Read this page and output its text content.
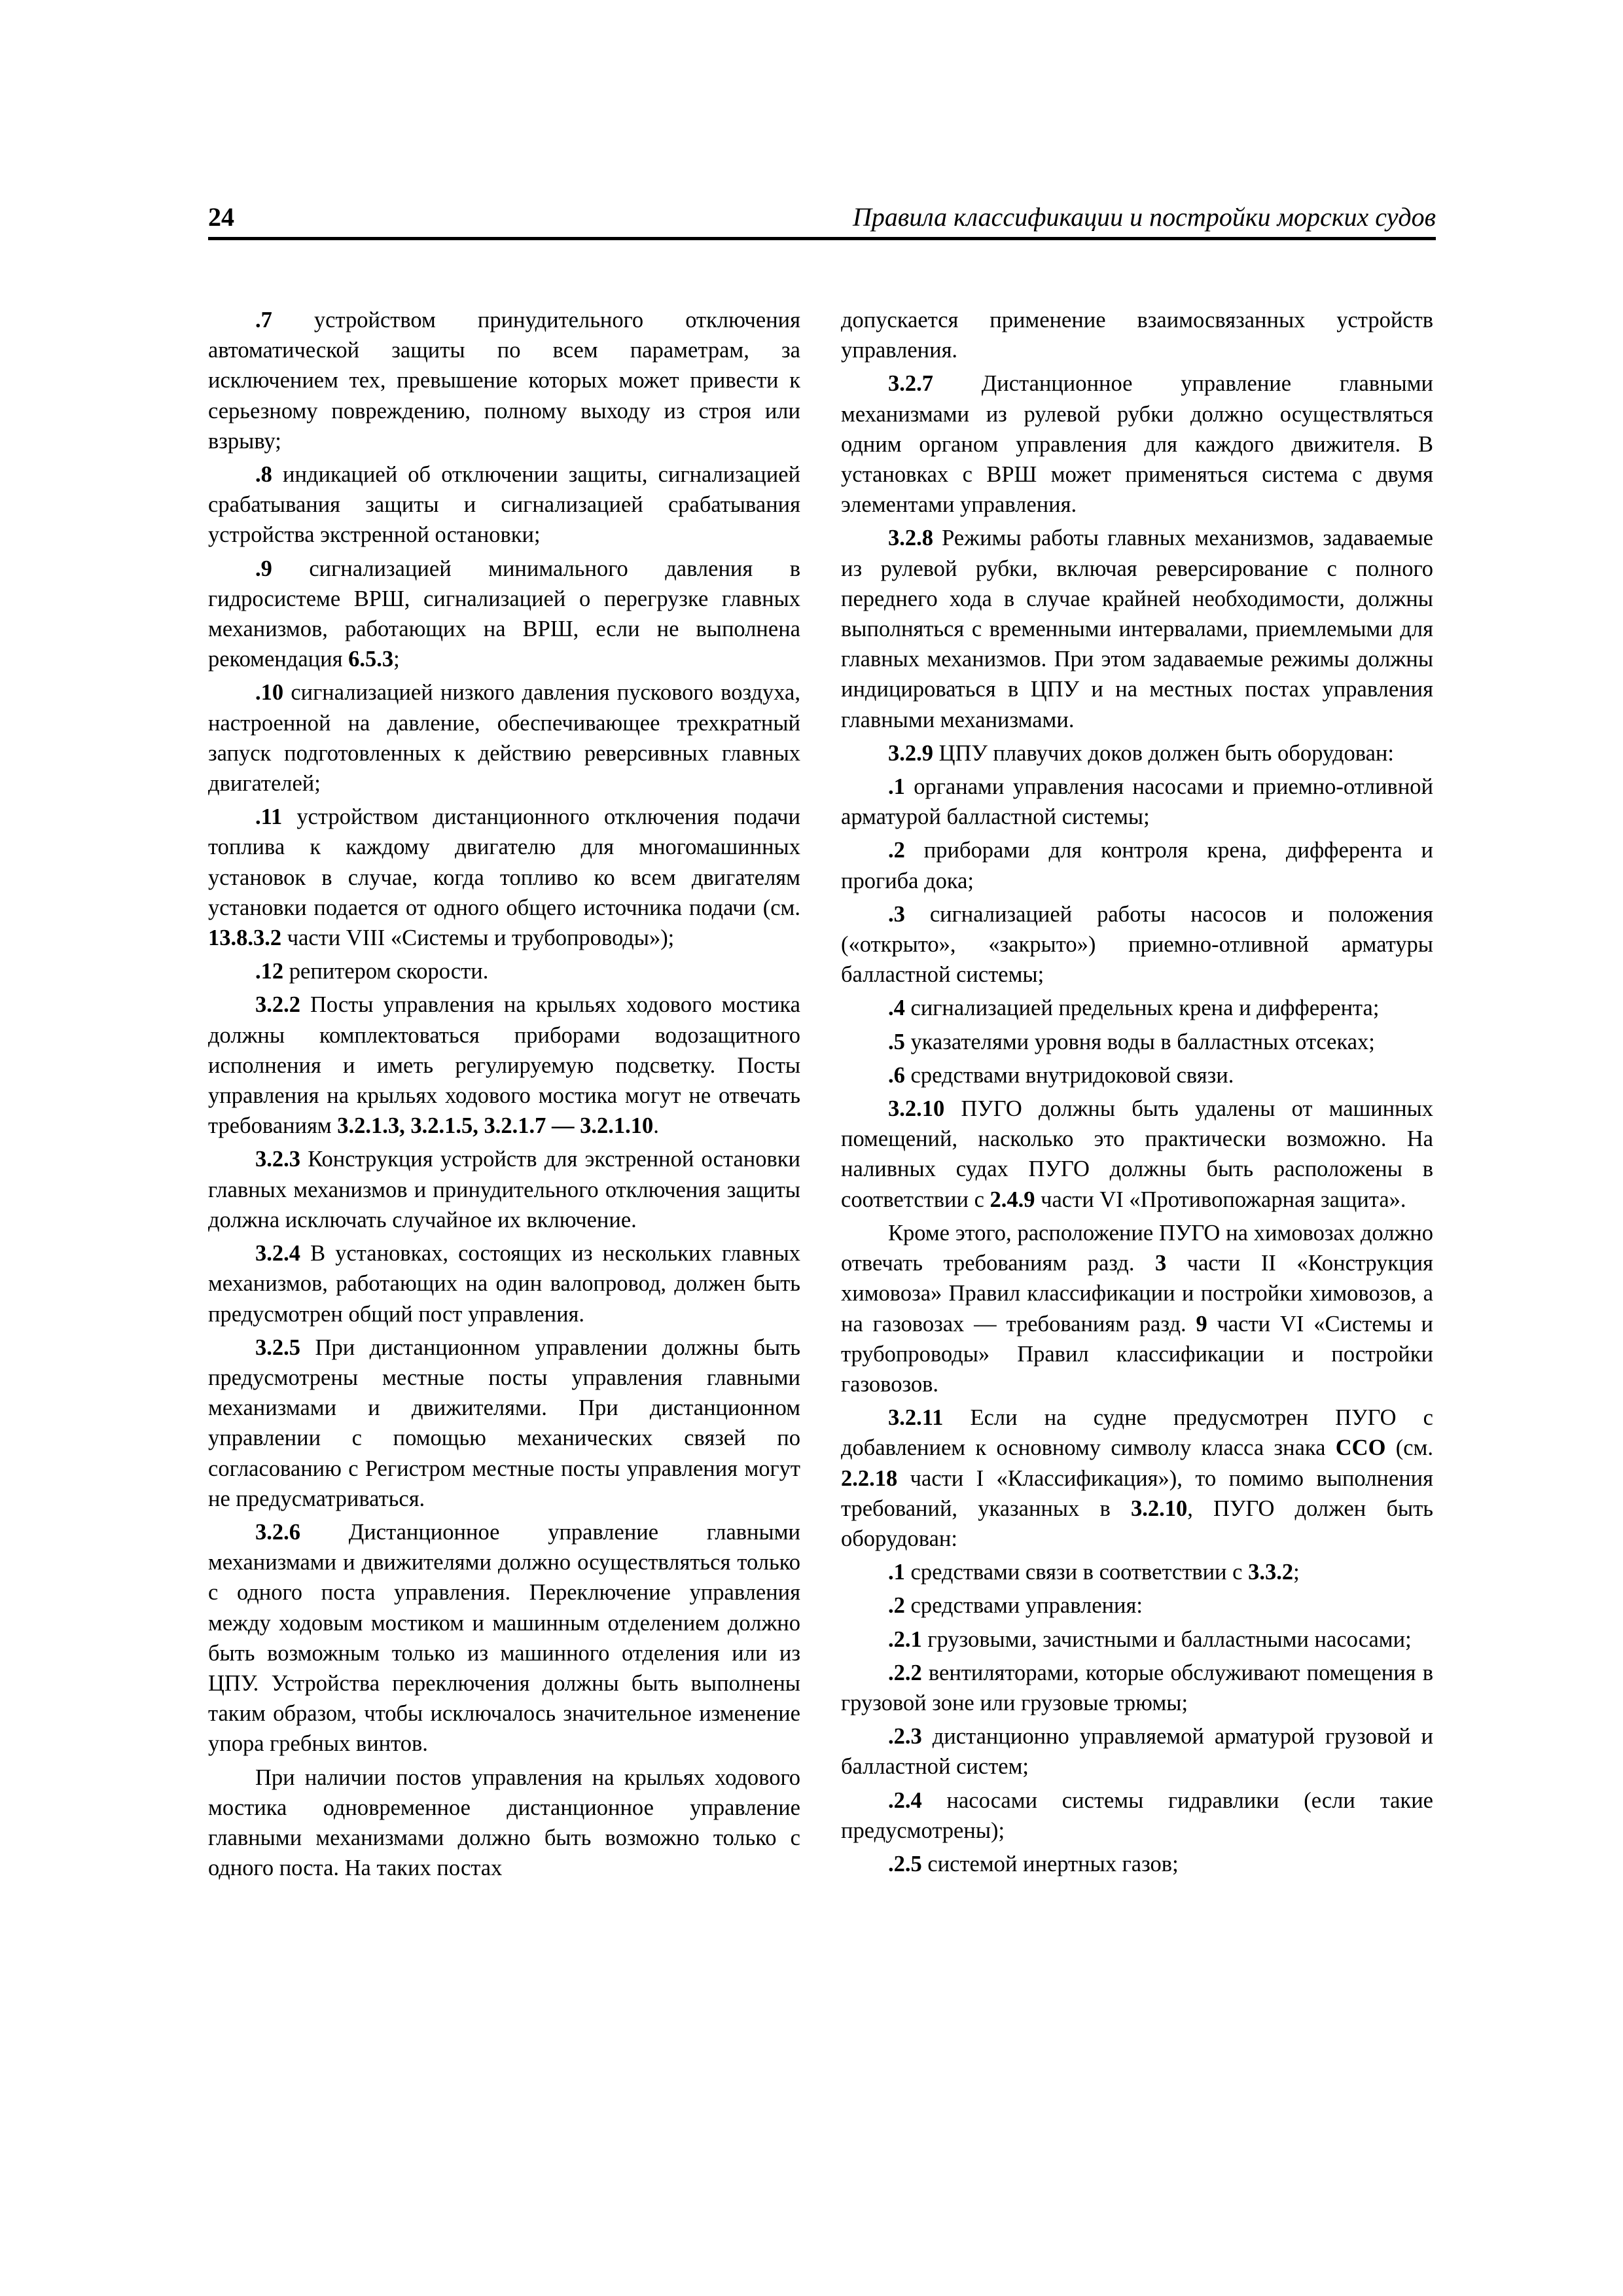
24	Правила классификации и постройки морских судов

.7 устройством принудительного отключения автоматической защиты по всем параметрам, за исключением тех, превышение которых может привести к серьезному повреждению, полному выходу из строя или взрыву;

.8 индикацией об отключении защиты, сигнализацией срабатывания защиты и сигнализацией срабатывания устройства экстренной остановки;

.9 сигнализацией минимального давления в гидросистеме ВРШ, сигнализацией о перегрузке главных механизмов, работающих на ВРШ, если не выполнена рекомендация 6.5.3;

.10 сигнализацией низкого давления пускового воздуха, настроенной на давление, обеспечивающее трехкратный запуск подготовленных к действию реверсивных главных двигателей;

.11 устройством дистанционного отключения подачи топлива к каждому двигателю для многомашинных установок в случае, когда топливо ко всем двигателям установки подается от одного общего источника подачи (см. 13.8.3.2 части VIII «Системы и трубопроводы»);

.12 репитером скорости.

3.2.2 Посты управления на крыльях ходового мостика должны комплектоваться приборами водозащитного исполнения и иметь регулируемую подсветку. Посты управления на крыльях ходового мостика могут не отвечать требованиям 3.2.1.3, 3.2.1.5, 3.2.1.7 — 3.2.1.10.

3.2.3 Конструкция устройств для экстренной остановки главных механизмов и принудительного отключения защиты должна исключать случайное их включение.

3.2.4 В установках, состоящих из нескольких главных механизмов, работающих на один валопровод, должен быть предусмотрен общий пост управления.

3.2.5 При дистанционном управлении должны быть предусмотрены местные посты управления главными механизмами и движителями. При дистанционном управлении с помощью механических связей по согласованию с Регистром местные посты управления могут не предусматриваться.

3.2.6 Дистанционное управление главными механизмами и движителями должно осуществляться только с одного поста управления. Переключение управления между ходовым мостиком и машинным отделением должно быть возможным только из машинного отделения или из ЦПУ. Устройства переключения должны быть выполнены таким образом, чтобы исключалось значительное изменение упора гребных винтов.

При наличии постов управления на крыльях ходового мостика одновременное дистанционное управление главными механизмами должно быть возможно только с одного поста. На таких постах

допускается применение взаимосвязанных устройств управления.

3.2.7 Дистанционное управление главными механизмами из рулевой рубки должно осуществляться одним органом управления для каждого движителя. В установках с ВРШ может применяться система с двумя элементами управления.

3.2.8 Режимы работы главных механизмов, задаваемые из рулевой рубки, включая реверсирование с полного переднего хода в случае крайней необходимости, должны выполняться с временными интервалами, приемлемыми для главных механизмов. При этом задаваемые режимы должны индицироваться в ЦПУ и на местных постах управления главными механизмами.

3.2.9 ЦПУ плавучих доков должен быть оборудован:

.1 органами управления насосами и приемно-отливной арматурой балластной системы;

.2 приборами для контроля крена, дифферента и прогиба дока;

.3 сигнализацией работы насосов и положения («открыто», «закрыто») приемно-отливной арматуры балластной системы;

.4 сигнализацией предельных крена и дифферента;

.5 указателями уровня воды в балластных отсеках;

.6 средствами внутридоковой связи.

3.2.10 ПУГО должны быть удалены от машинных помещений, насколько это практически возможно. На наливных судах ПУГО должны быть расположены в соответствии с 2.4.9 части VI «Противопожарная защита».

Кроме этого, расположение ПУГО на химовозах должно отвечать требованиям разд. 3 части II «Конструкция химовоза» Правил классификации и постройки химовозов, а на газовозах — требованиям разд. 9 части VI «Системы и трубопроводы» Правил классификации и постройки газовозов.

3.2.11 Если на судне предусмотрен ПУГО с добавлением к основному символу класса знака CCO (см. 2.2.18 части I «Классификация»), то помимо выполнения требований, указанных в 3.2.10, ПУГО должен быть оборудован:

.1 средствами связи в соответствии с 3.3.2;

.2 средствами управления:

.2.1 грузовыми, зачистными и балластными насосами;

.2.2 вентиляторами, которые обслуживают помещения в грузовой зоне или грузовые трюмы;

.2.3 дистанционно управляемой арматурой грузовой и балластной систем;

.2.4 насосами системы гидравлики (если такие предусмотрены);

.2.5 системой инертных газов;
